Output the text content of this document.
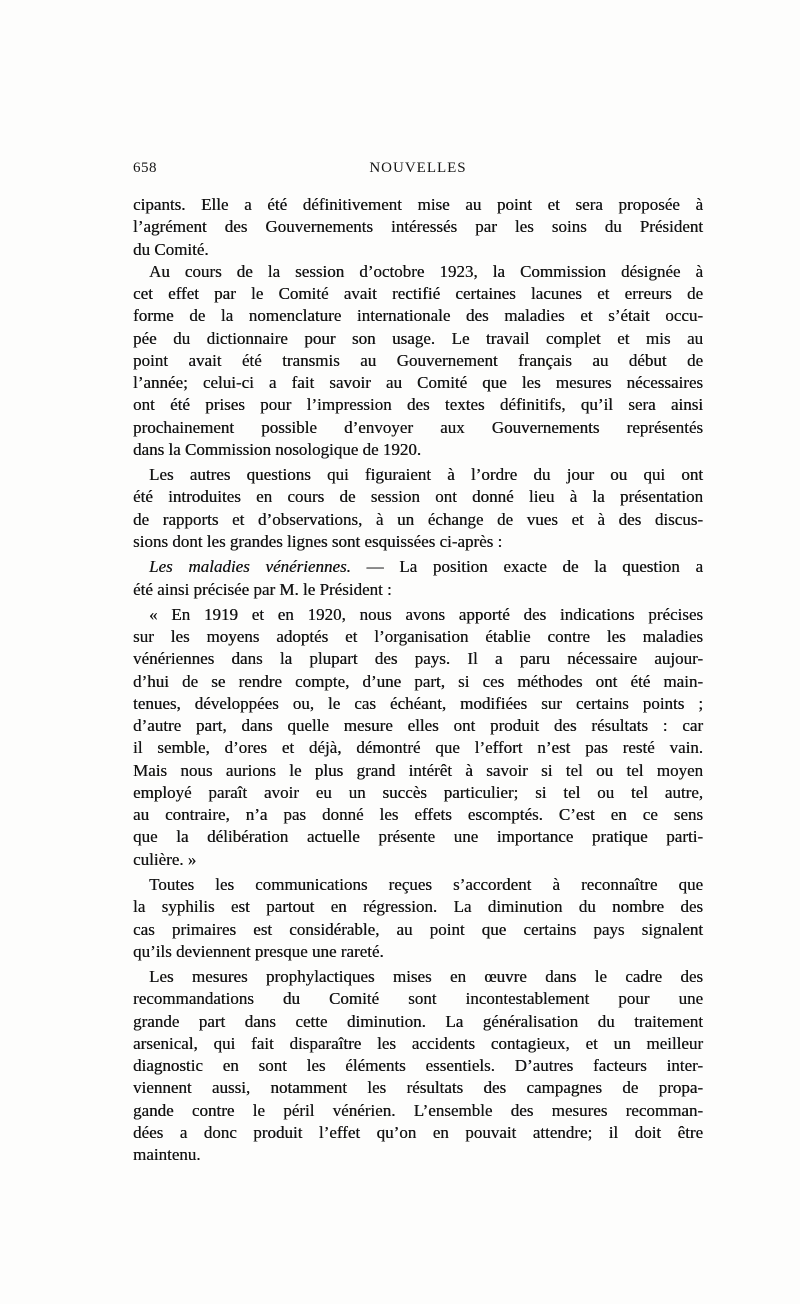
658	NOUVELLES
cipants. Elle a été définitivement mise au point et sera proposée à
l’agrément des Gouvernements intéressés par les soins du Président
du Comité.
Au cours de la session d’octobre 1923, la Commission désignée à
cet effet par le Comité avait rectifié certaines lacunes et erreurs de
forme de la nomenclature internationale des maladies et s’était occu-
pée du dictionnaire pour son usage. Le travail complet et mis au
point avait été transmis au Gouvernement français au début de
l’année; celui-ci a fait savoir au Comité que les mesures nécessaires
ont été prises pour l’impression des textes définitifs, qu’il sera ainsi
prochainement possible d’envoyer aux Gouvernements représentés
dans la Commission nosologique de 1920.
Les autres questions qui figuraient à l’ordre du jour ou qui ont
été introduites en cours de session ont donné lieu à la présentation
de rapports et d’observations, à un échange de vues et à des discus-
sions dont les grandes lignes sont esquissées ci-après :
Les maladies vénériennes. — La position exacte de la question a
été ainsi précisée par M. le Président :
« En 1919 et en 1920, nous avons apporté des indications précises
sur les moyens adoptés et l’organisation établie contre les maladies
vénériennes dans la plupart des pays. Il a paru nécessaire aujour-
d’hui de se rendre compte, d’une part, si ces méthodes ont été main-
tenues, développées ou, le cas échéant, modifiées sur certains points ;
d’autre part, dans quelle mesure elles ont produit des résultats : car
il semble, d’ores et déjà, démontré que l’effort n’est pas resté vain.
Mais nous aurions le plus grand intérêt à savoir si tel ou tel moyen
employé paraît avoir eu un succès particulier; si tel ou tel autre,
au contraire, n’a pas donné les effets escomptés. C’est en ce sens
que la délibération actuelle présente une importance pratique parti-
culière. »
Toutes les communications reçues s’accordent à reconnaître que
la syphilis est partout en régression. La diminution du nombre des
cas primaires est considérable, au point que certains pays signalent
qu’ils deviennent presque une rareté.
Les mesures prophylactiques mises en œuvre dans le cadre des
recommandations du Comité sont incontestablement pour une
grande part dans cette diminution. La généralisation du traitement
arsenical, qui fait disparaître les accidents contagieux, et un meilleur
diagnostic en sont les éléments essentiels. D’autres facteurs inter-
viennent aussi, notamment les résultats des campagnes de propa-
gande contre le péril vénérien. L’ensemble des mesures recomman-
dées a donc produit l’effet qu’on en pouvait attendre; il doit être
maintenu.
